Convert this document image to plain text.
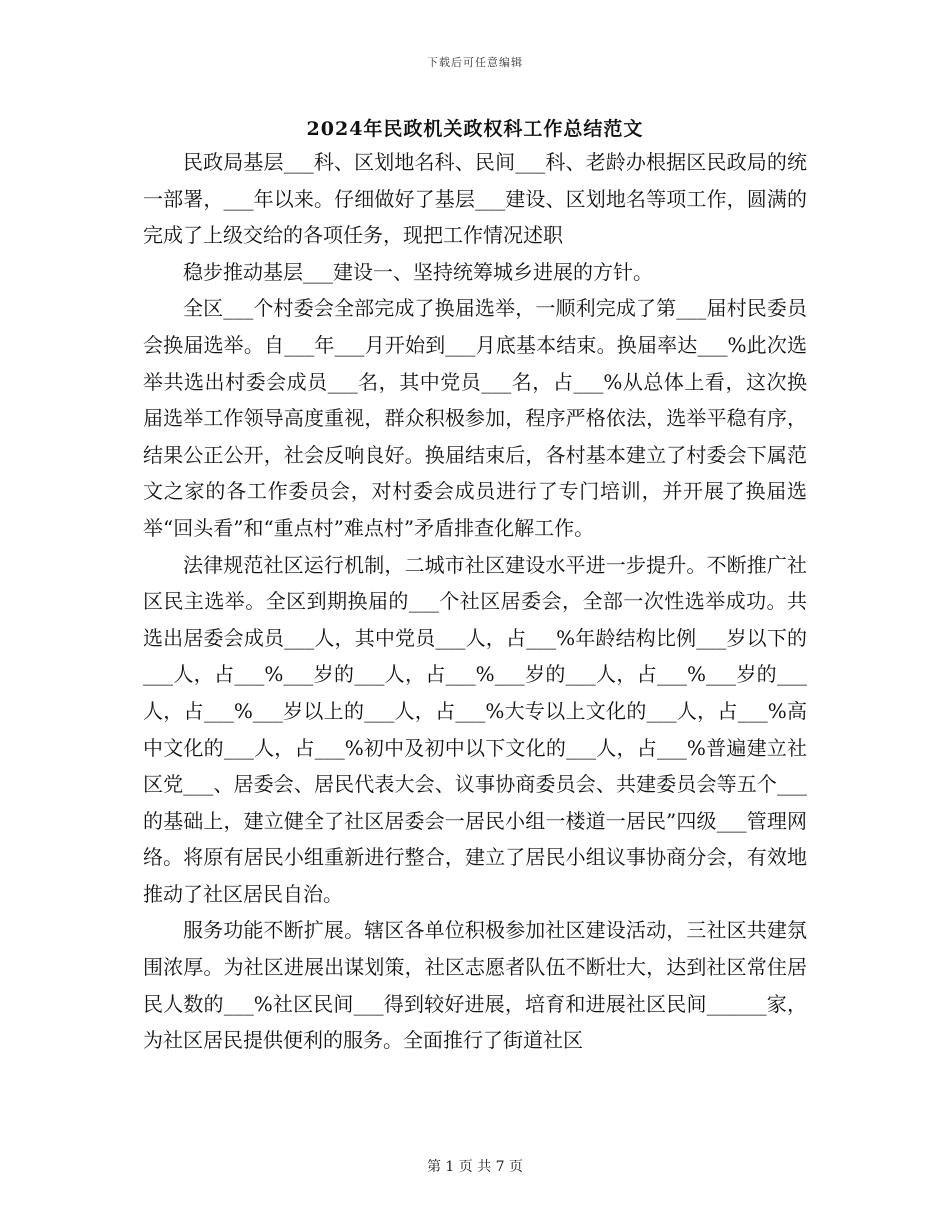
下载后可任意编辑
2024年民政机关政权科工作总结范文

民政局基层___科、区划地名科、民间___科、老龄办根据区民政局的统一部署，___年以来。仔细做好了基层___建设、区划地名等项工作，圆满的完成了上级交给的各项任务，现把工作情况述职

稳步推动基层___建设一、坚持统筹城乡进展的方针。

全区___个村委会全部完成了换届选举，一顺利完成了第___届村民委员会换届选举。自___年___月开始到___月底基本结束。换届率达___%此次选举共选出村委会成员___名，其中党员___名，占___%从总体上看，这次换届选举工作领导高度重视，群众积极参加，程序严格依法，选举平稳有序，结果公正公开，社会反响良好。换届结束后，各村基本建立了村委会下属范文之家的各工作委员会，对村委会成员进行了专门培训，并开展了换届选举“回头看”和“重点村”难点村”矛盾排查化解工作。

法律规范社区运行机制，二城市社区建设水平进一步提升。不断推广社区民主选举。全区到期换届的___个社区居委会，全部一次性选举成功。共选出居委会成员___人，其中党员___人，占___%年龄结构比例___岁以下的___人，占___%___岁的___人，占___%___岁的___人，占___%___岁的___人，占___%___岁以上的___人，占___%大专以上文化的___人，占___%高中文化的___人，占___%初中及初中以下文化的___人，占___%普遍建立社区党___、居委会、居民代表大会、议事协商委员会、共建委员会等五个___的基础上，建立健全了社区居委会一居民小组一楼道一居民”四级___管理网络。将原有居民小组重新进行整合，建立了居民小组议事协商分会，有效地推动了社区居民自治。

服务功能不断扩展。辖区各单位积极参加社区建设活动，三社区共建氛围浓厚。为社区进展出谋划策，社区志愿者队伍不断壮大，达到社区常住居民人数的___%社区民间___得到较好进展，培育和进展社区民间______家，为社区居民提供便利的服务。全面推行了街道社区

第 1 页 共 7 页
